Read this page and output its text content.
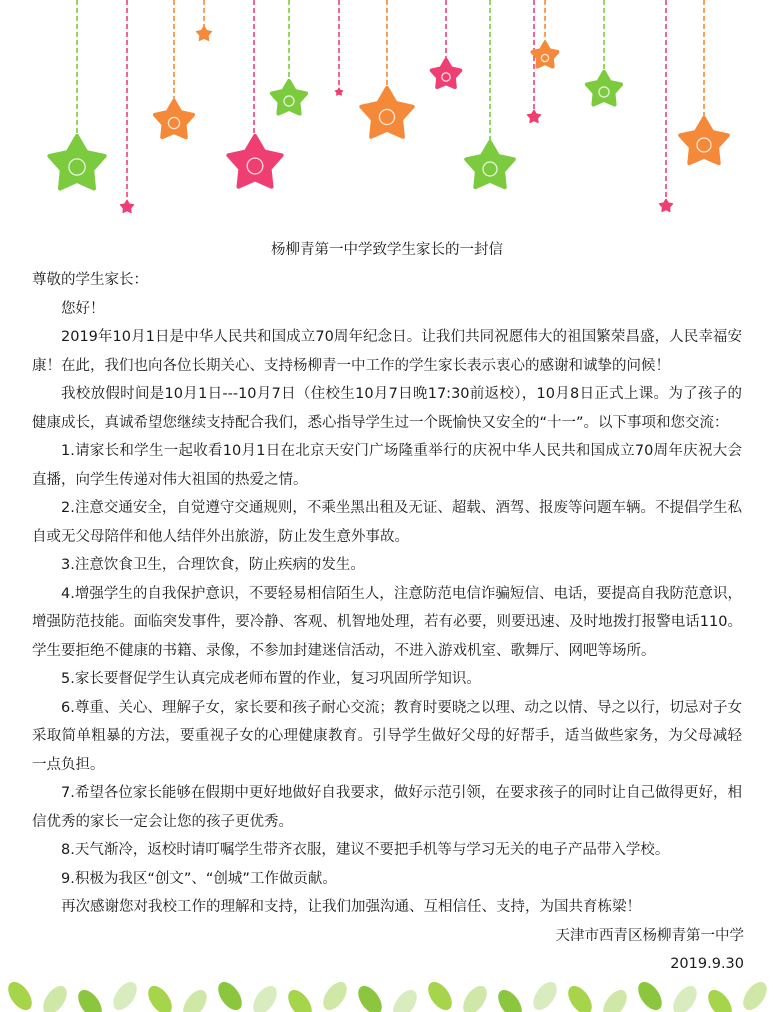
杨柳青第一中学致学生家长的一封信
尊敬的学生家长：
您好！
2019年10月1日是中华人民共和国成立70周年纪念日。让我们共同祝愿伟大的祖国繁荣昌盛，人民幸福安康！在此，我们也向各位长期关心、支持杨柳青一中工作的学生家长表示衷心的感谢和诚挚的问候！
我校放假时间是10月1日---10月7日（住校生10月7日晚17:30前返校），10月8日正式上课。为了孩子的健康成长，真诚希望您继续支持配合我们，悉心指导学生过一个既愉快又安全的“十一”。以下事项和您交流：
1.请家长和学生一起收看10月1日在北京天安门广场隆重举行的庆祝中华人民共和国成立70周年庆祝大会直播，向学生传递对伟大祖国的热爱之情。
2.注意交通安全，自觉遵守交通规则，不乘坐黑出租及无证、超载、酒驾、报废等问题车辆。不提倡学生私自或无父母陪伴和他人结伴外出旅游，防止发生意外事故。
3.注意饮食卫生，合理饮食，防止疾病的发生。
4.增强学生的自我保护意识，不要轻易相信陌生人，注意防范电信诈骗短信、电话，要提高自我防范意识，增强防范技能。面临突发事件，要冷静、客观、机智地处理，若有必要，则要迅速、及时地拨打报警电话110。学生要拒绝不健康的书籍、录像，不参加封建迷信活动，不进入游戏机室、歌舞厅、网吧等场所。
5.家长要督促学生认真完成老师布置的作业，复习巩固所学知识。
6.尊重、关心、理解子女，家长要和孩子耐心交流；教育时要晓之以理、动之以情、导之以行，切忌对子女采取简单粗暴的方法，要重视子女的心理健康教育。引导学生做好父母的好帮手，适当做些家务，为父母减轻一点负担。
7.希望各位家长能够在假期中更好地做好自我要求，做好示范引领，在要求孩子的同时让自己做得更好，相信优秀的家长一定会让您的孩子更优秀。
8.天气渐冷，返校时请叮嘱学生带齐衣服，建议不要把手机等与学习无关的电子产品带入学校。
9.积极为我区“创文”、“创城”工作做贡献。
再次感谢您对我校工作的理解和支持，让我们加强沟通、互相信任、支持，为国共育栋梁！
天津市西青区杨柳青第一中学
2019.9.30
